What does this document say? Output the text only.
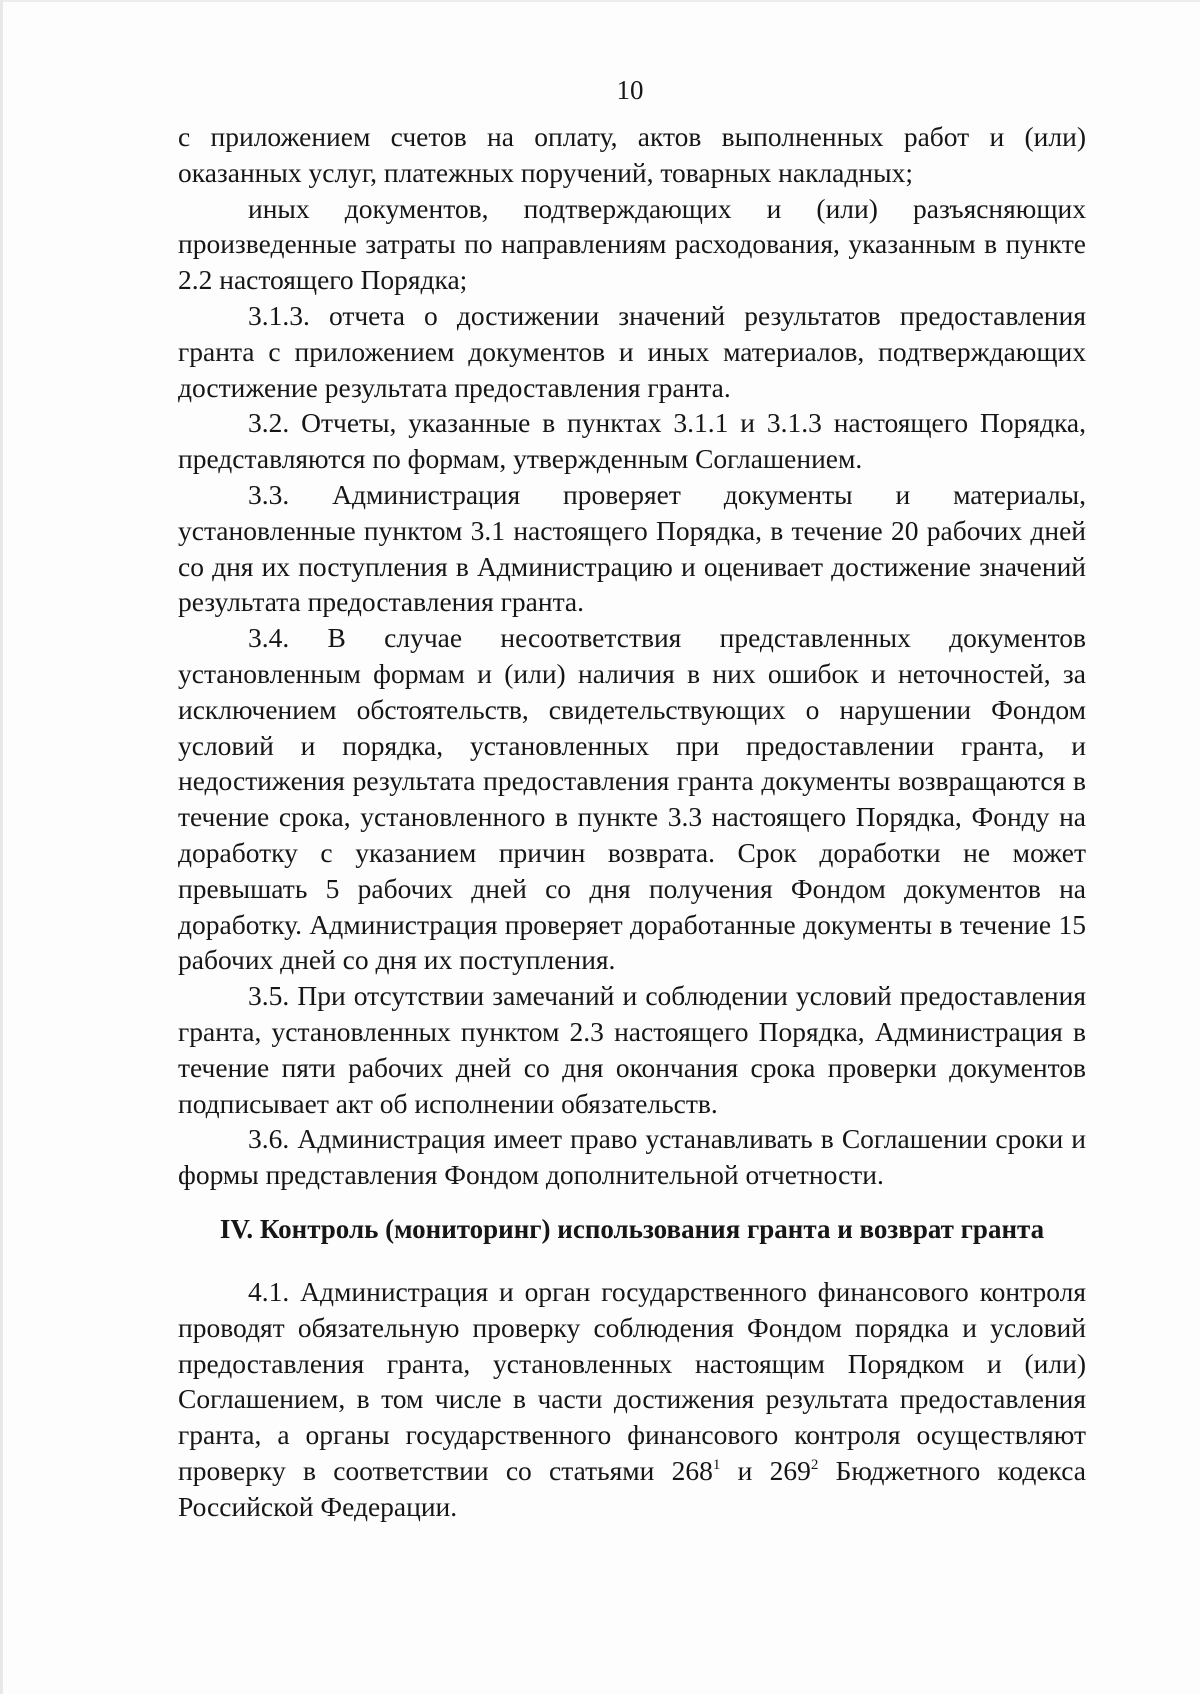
10

с приложением счетов на оплату, актов выполненных работ и (или) оказанных услуг, платежных поручений, товарных накладных;

иных документов, подтверждающих и (или) разъясняющих произведенные затраты по направлениям расходования, указанным в пункте 2.2 настоящего Порядка;

3.1.3. отчета о достижении значений результатов предоставления гранта с приложением документов и иных материалов, подтверждающих достижение результата предоставления гранта.

3.2. Отчеты, указанные в пунктах 3.1.1 и 3.1.3 настоящего Порядка, представляются по формам, утвержденным Соглашением.

3.3. Администрация проверяет документы и материалы, установленные пунктом 3.1 настоящего Порядка, в течение 20 рабочих дней со дня их поступления в Администрацию и оценивает достижение значений результата предоставления гранта.

3.4. В случае несоответствия представленных документов установленным формам и (или) наличия в них ошибок и неточностей, за исключением обстоятельств, свидетельствующих о нарушении Фондом условий и порядка, установленных при предоставлении гранта, и недостижения результата предоставления гранта документы возвращаются в течение срока, установленного в пункте 3.3 настоящего Порядка, Фонду на доработку с указанием причин возврата. Срок доработки не может превышать 5 рабочих дней со дня получения Фондом документов на доработку. Администрация проверяет доработанные документы в течение 15 рабочих дней со дня их поступления.

3.5. При отсутствии замечаний и соблюдении условий предоставления гранта, установленных пунктом 2.3 настоящего Порядка, Администрация в течение пяти рабочих дней со дня окончания срока проверки документов подписывает акт об исполнении обязательств.

3.6. Администрация имеет право устанавливать в Соглашении сроки и формы представления Фондом дополнительной отчетности.

IV. Контроль (мониторинг) использования гранта и возврат гранта

4.1. Администрация и орган государственного финансового контроля проводят обязательную проверку соблюдения Фондом порядка и условий предоставления гранта, установленных настоящим Порядком и (или) Соглашением, в том числе в части достижения результата предоставления гранта, а органы государственного финансового контроля осуществляют проверку в соответствии со статьями $268^1$ и $269^2$ Бюджетного кодекса Российской Федерации.
